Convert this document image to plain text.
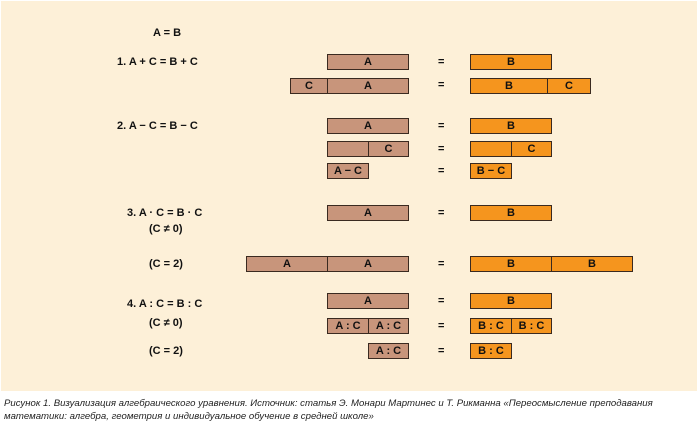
A = B
1. A + C = B + C
2. A − C = B − C
3. A · C = B · C
(C ≠ 0)
(C = 2)
4. A : C = B : C
(C ≠ 0)
(C = 2)
A	=	B
C	A	=	B	C
A	=	B
C	=	C
A − C	=	B − C
A	=	B
A	A	=	B	B
A	=	B
A : C	A : C	=	B : C	B : C
A : C	=	B : C
Рисунок 1. Визуализация алгебраического уравнения. Источник: статья Э. Монари Мартинес и Т. Рикманна «Переосмысление преподавания математики: алгебра, геометрия и индивидуальное обучение в средней школе»
